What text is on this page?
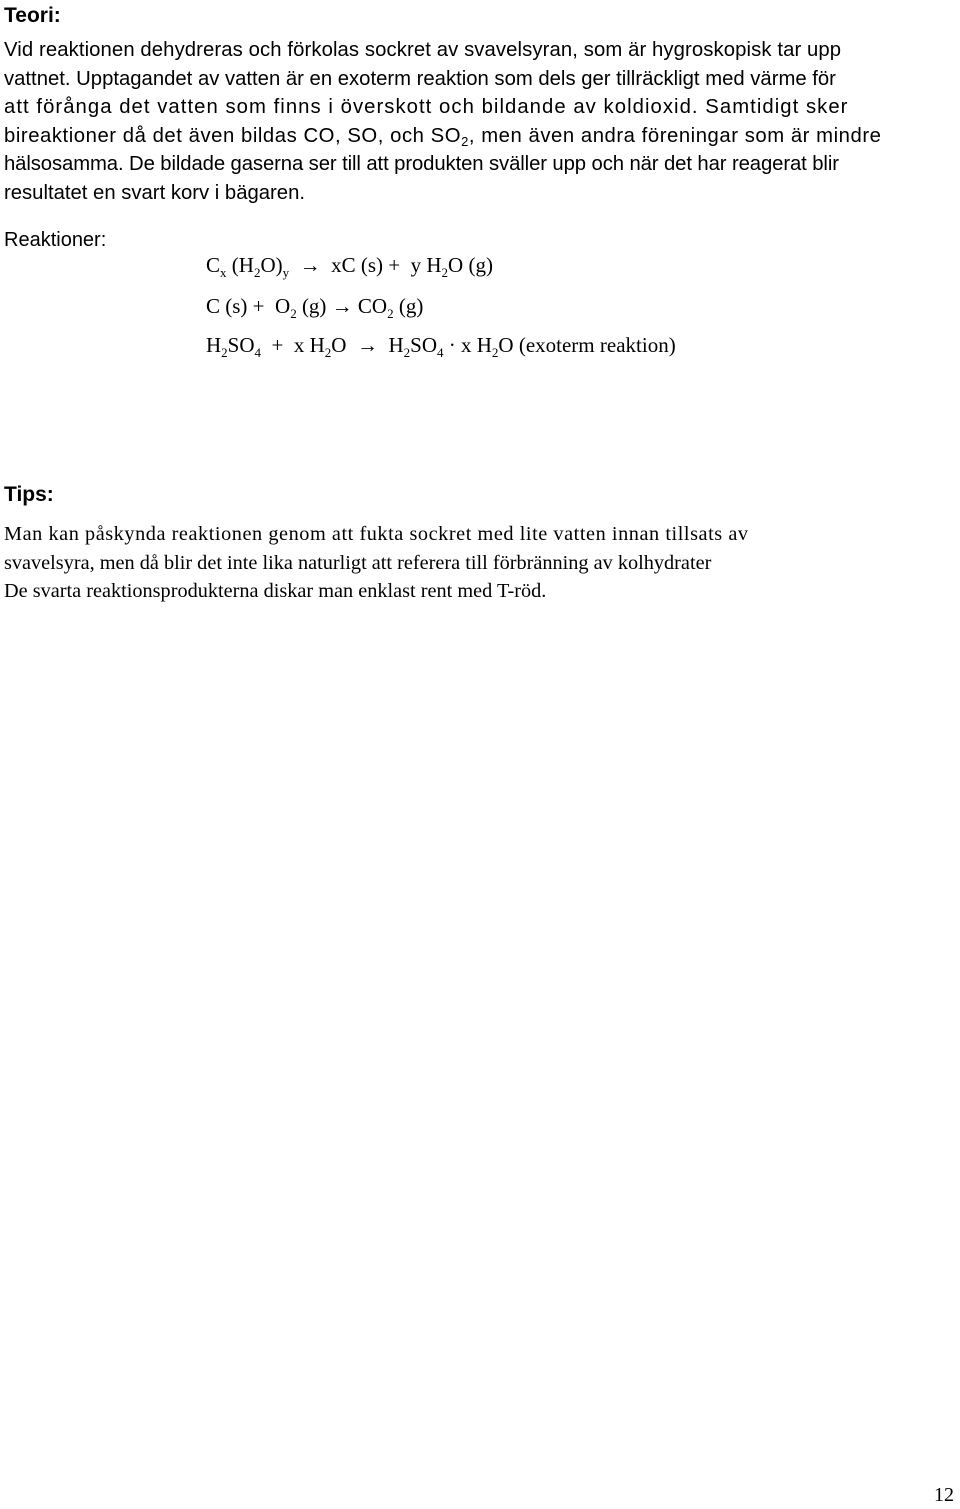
Teori:
Vid reaktionen dehydreras och förkolas sockret av svavelsyran, som är hygroskopisk tar upp
vattnet. Upptagandet av vatten är en exoterm reaktion som dels ger tillräckligt med värme för
att förånga det vatten som finns i överskott och bildande av koldioxid. Samtidigt sker
bireaktioner då det även bildas CO, SO, och $SO_2$, men även andra föreningar som är mindre
hälsosamma. De bildade gaserna ser till att produkten sväller upp och när det har reagerat blir
resultatet en svart korv i bägaren.

Reaktioner:

$C_x$ $(H_2O)_y$  →  xC (s) +  y $H_2O$ (g)

C $(s) + O_2$ $(g) \to CO_2$ (g)

$H_2SO_4 + x$ $H_2O \to H_2SO_4 \cdot x$ $H_2O$ (exoterm reaktion)

Tips:
Man kan påskynda reaktionen genom att fukta sockret med lite vatten innan tillsats av
svavelsyra, men då blir det inte lika naturligt att referera till förbränning av kolhydrater
De svarta reaktionsprodukterna diskar man enklast rent med T-röd.

12
